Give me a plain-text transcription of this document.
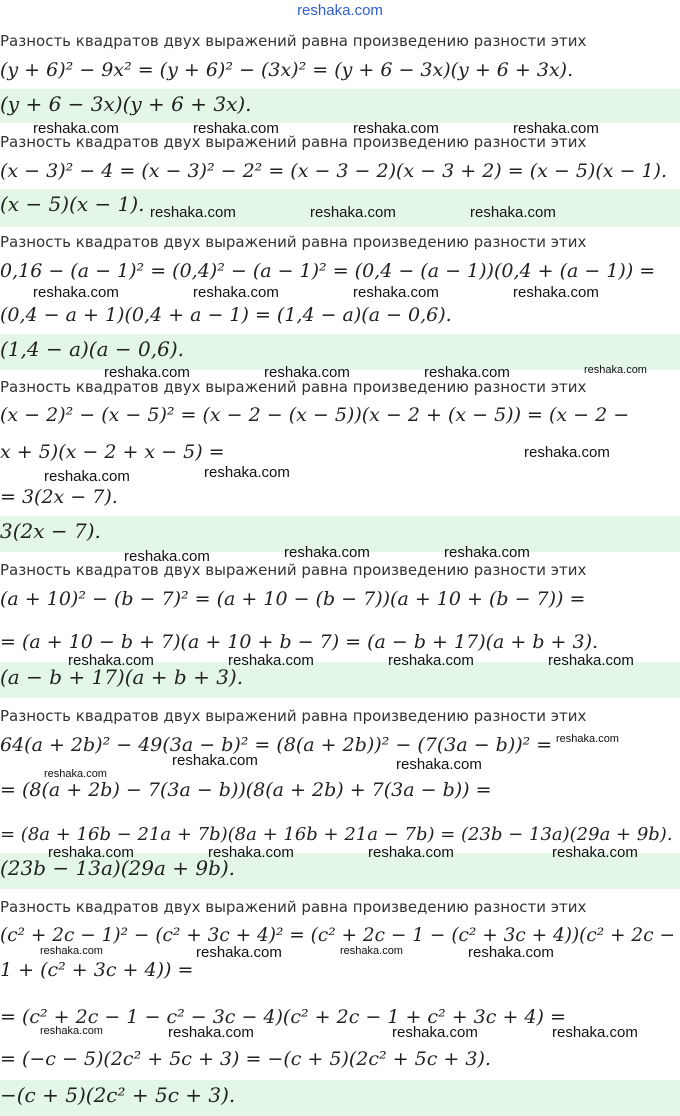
reshaka.com
Разность квадратов двух выражений равна произведению разности этих
(y + 6)² − 9x² = (y + 6)² − (3x)² = (y + 6 − 3x)(y + 6 + 3x).
(y + 6 − 3x)(y + 6 + 3x).
Разность квадратов двух выражений равна произведению разности этих
(x − 3)² − 4 = (x − 3)² − 2² = (x − 3 − 2)(x − 3 + 2) = (x − 5)(x − 1).
(x − 5)(x − 1).
Разность квадратов двух выражений равна произведению разности этих
0,16 − (a − 1)² = (0,4)² − (a − 1)² = (0,4 − (a − 1))(0,4 + (a − 1)) =
(0,4 − a + 1)(0,4 + a − 1) = (1,4 − a)(a − 0,6).
(1,4 − a)(a − 0,6).
Разность квадратов двух выражений равна произведению разности этих
(x − 2)² − (x − 5)² = (x − 2 − (x − 5))(x − 2 + (x − 5)) = (x − 2 −
x + 5)(x − 2 + x − 5) =
= 3(2x − 7).
3(2x − 7).
Разность квадратов двух выражений равна произведению разности этих
(a + 10)² − (b − 7)² = (a + 10 − (b − 7))(a + 10 + (b − 7)) =
= (a + 10 − b + 7)(a + 10 + b − 7) = (a − b + 17)(a + b + 3).
(a − b + 17)(a + b + 3).
Разность квадратов двух выражений равна произведению разности этих
64(a + 2b)² − 49(3a − b)² = (8(a + 2b))² − (7(3a − b))² =
= (8(a + 2b) − 7(3a − b))(8(a + 2b) + 7(3a − b)) =
= (8a + 16b − 21a + 7b)(8a + 16b + 21a − 7b) = (23b − 13a)(29a + 9b).
(23b − 13a)(29a + 9b).
Разность квадратов двух выражений равна произведению разности этих
(c² + 2c − 1)² − (c² + 3c + 4)² = (c² + 2c − 1 − (c² + 3c + 4))(c² + 2c −
1 + (c² + 3c + 4)) =
= (c² + 2c − 1 − c² − 3c − 4)(c² + 2c − 1 + c² + 3c + 4) =
= (−c − 5)(2c² + 5c + 3) = −(c + 5)(2c² + 5c + 3).
−(c + 5)(2c² + 5c + 3).
reshaka.com	reshaka.com	reshaka.com	reshaka.com
reshaka.com	reshaka.com	reshaka.com
reshaka.com	reshaka.com	reshaka.com	reshaka.com
reshaka.com	reshaka.com	reshaka.com	reshaka.com
reshaka.com
reshaka.com
reshaka.com
reshaka.com	reshaka.com	reshaka.com
reshaka.com	reshaka.com	reshaka.com	reshaka.com
reshaka.com
reshaka.com	reshaka.com
reshaka.com
reshaka.com	reshaka.com	reshaka.com	reshaka.com
reshaka.com	reshaka.com	reshaka.com	reshaka.com
reshaka.com	reshaka.com	reshaka.com	reshaka.com
